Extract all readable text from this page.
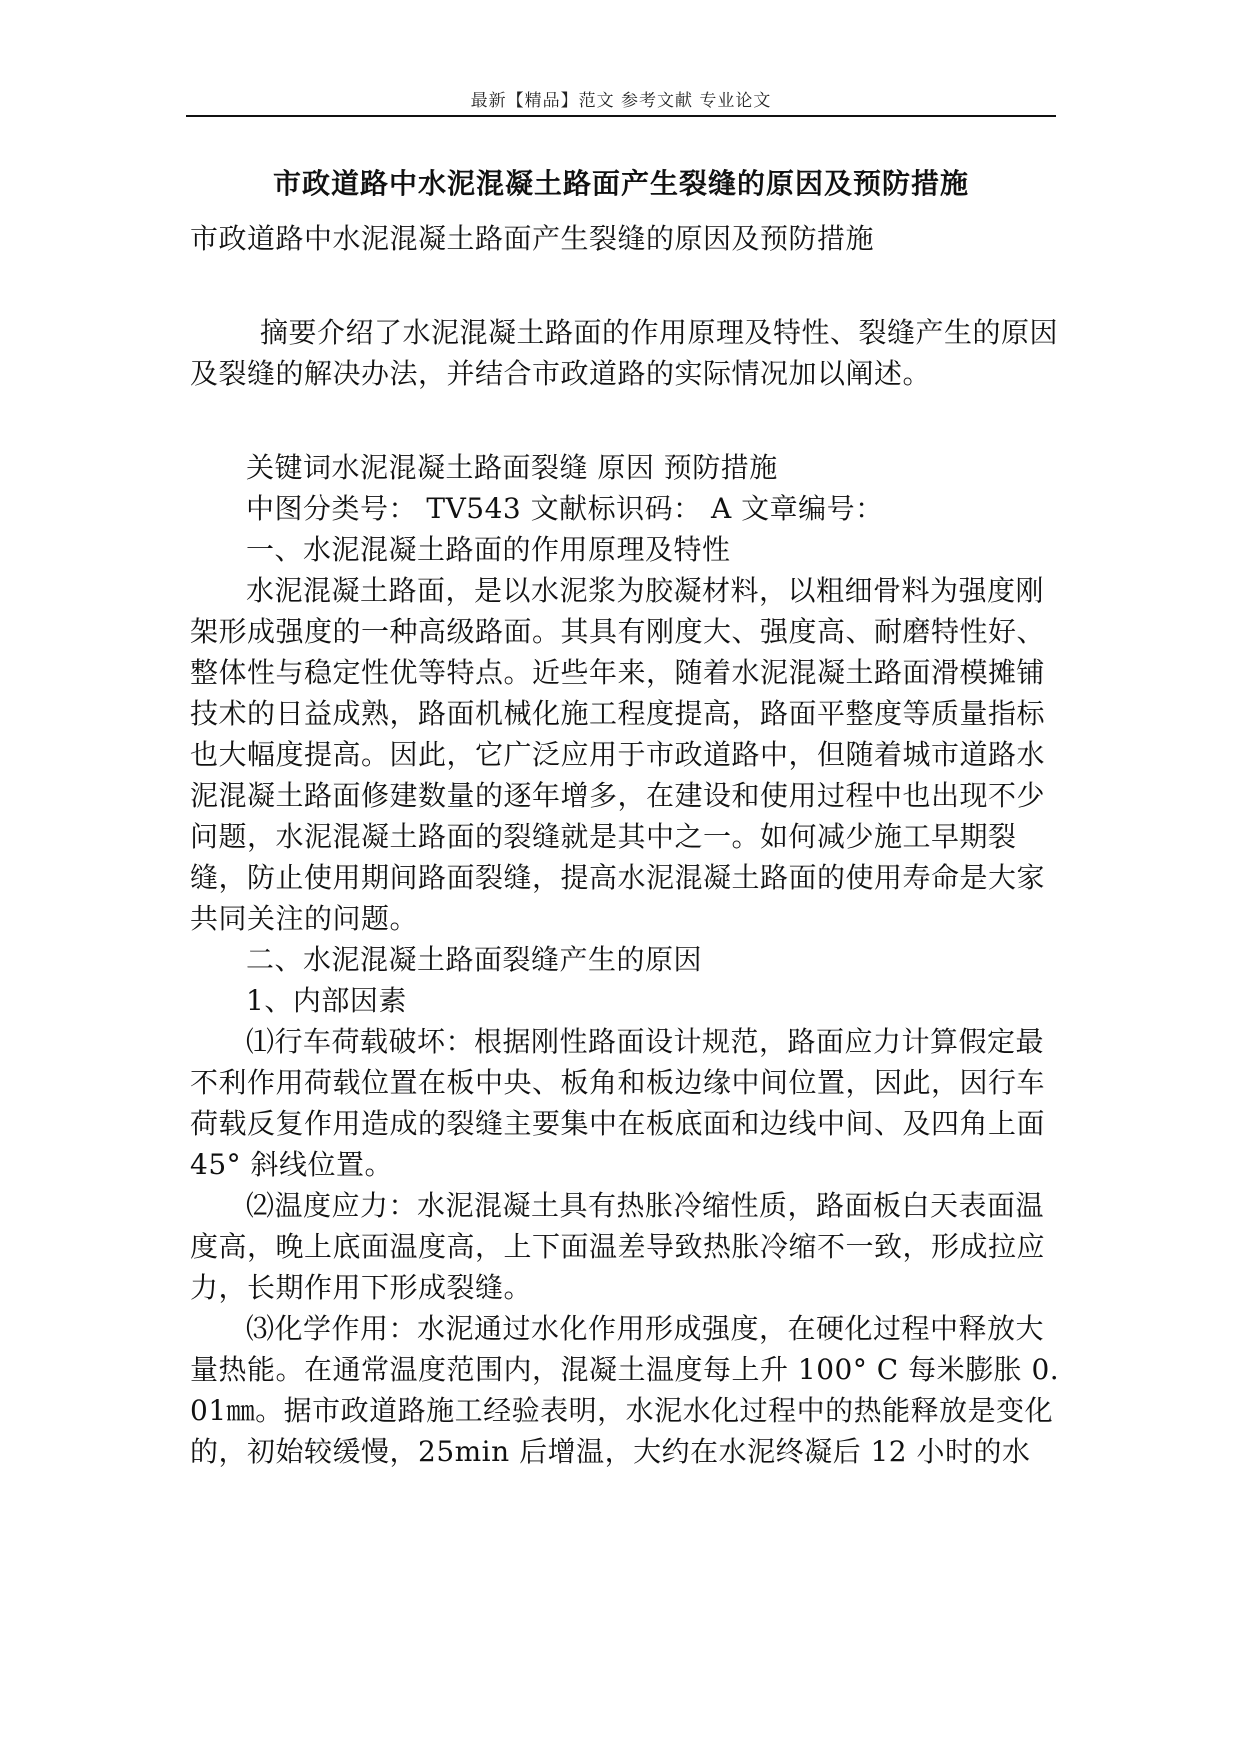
最新【精品】范文 参考文献 专业论文
市政道路中水泥混凝土路面产生裂缝的原因及预防措施
市政道路中水泥混凝土路面产生裂缝的原因及预防措施
摘要介绍了水泥混凝土路面的作用原理及特性、裂缝产生的原因及裂缝的解决办法，并结合市政道路的实际情况加以阐述。

关键词水泥混凝土路面裂缝 原因 预防措施

中图分类号： TV543 文献标识码： A 文章编号：

一、水泥混凝土路面的作用原理及特性

水泥混凝土路面，是以水泥浆为胶凝材料，以粗细骨料为强度刚架形成强度的一种高级路面。其具有刚度大、强度高、耐磨特性好、整体性与稳定性优等特点。近些年来，随着水泥混凝土路面滑模摊铺技术的日益成熟，路面机械化施工程度提高，路面平整度等质量指标也大幅度提高。因此，它广泛应用于市政道路中，但随着城市道路水泥混凝土路面修建数量的逐年增多，在建设和使用过程中也出现不少问题，水泥混凝土路面的裂缝就是其中之一。如何减少施工早期裂缝，防止使用期间路面裂缝，提高水泥混凝土路面的使用寿命是大家共同关注的问题。

二、水泥混凝土路面裂缝产生的原因

1、内部因素

⑴行车荷载破坏：根据刚性路面设计规范，路面应力计算假定最不利作用荷载位置在板中央、板角和板边缘中间位置，因此，因行车荷载反复作用造成的裂缝主要集中在板底面和边线中间、及四角上面 45° 斜线位置。

⑵温度应力：水泥混凝土具有热胀冷缩性质，路面板白天表面温度高，晚上底面温度高，上下面温差导致热胀冷缩不一致，形成拉应力，长期作用下形成裂缝。

⑶化学作用：水泥通过水化作用形成强度，在硬化过程中释放大量热能。在通常温度范围内，混凝土温度每上升 100° C 每米膨胀 0.01㎜。据市政道路施工经验表明，水泥水化过程中的热能释放是变化的，初始较缓慢，25min 后增温，大约在水泥终凝后 12 小时的水
